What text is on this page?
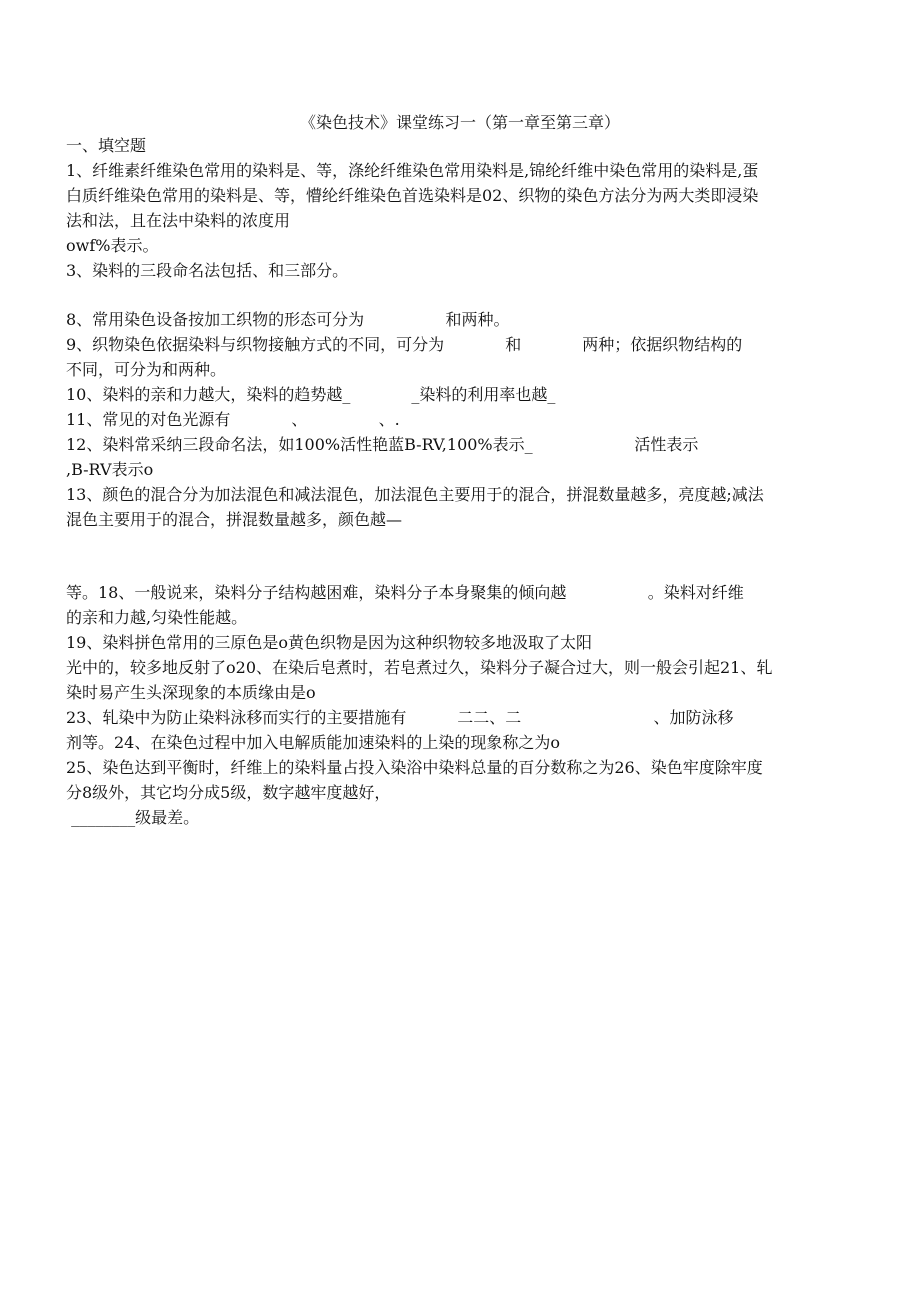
《染色技术》课堂练习一（第一章至第三章）
一、填空题
1、纤维素纤维染色常用的染料是、等，涤纶纤维染色常用染料是,锦纶纤维中染色常用的染料是,蛋
白质纤维染色常用的染料是、等，懵纶纤维染色首选染料是02、织物的染色方法分为两大类即浸染
法和法，且在法中染料的浓度用
owf%表示。
3、染料的三段命名法包括、和三部分。
8、常用染色设备按加工织物的形态可分为                和两种。
9、织物染色依据染料与织物接触方式的不同，可分为            和            两种；依据织物结构的
不同，可分为和两种。
10、染料的亲和力越大，染料的趋势越_            _染料的利用率也越_
11、常见的对色光源有            、              、.
12、染料常采纳三段命名法，如100%活性艳蓝B-RV,100%表示_                    活性表示
,B-RV表示o
13、颜色的混合分为加法混色和减法混色，加法混色主要用于的混合，拼混数量越多，亮度越;减法
混色主要用于的混合，拼混数量越多，颜色越—
等。18、一般说来，染料分子结构越困难，染料分子本身聚集的倾向越                。染料对纤维
的亲和力越,匀染性能越。
19、染料拼色常用的三原色是o黄色织物是因为这种织物较多地汲取了太阳
光中的，较多地反射了o20、在染后皂煮时，若皂煮过久，染料分子凝合过大，则一般会引起21、轧
染时易产生头深现象的本质缘由是o
23、轧染中为防止染料泳移而实行的主要措施有          二二、二                          、加防泳移
剂等。24、在染色过程中加入电解质能加速染料的上染的现象称之为o
25、染色达到平衡时，纤维上的染料量占投入染浴中染料总量的百分数称之为26、染色牢度除牢度
分8级外，其它均分成5级，数字越牢度越好，
________级最差。
